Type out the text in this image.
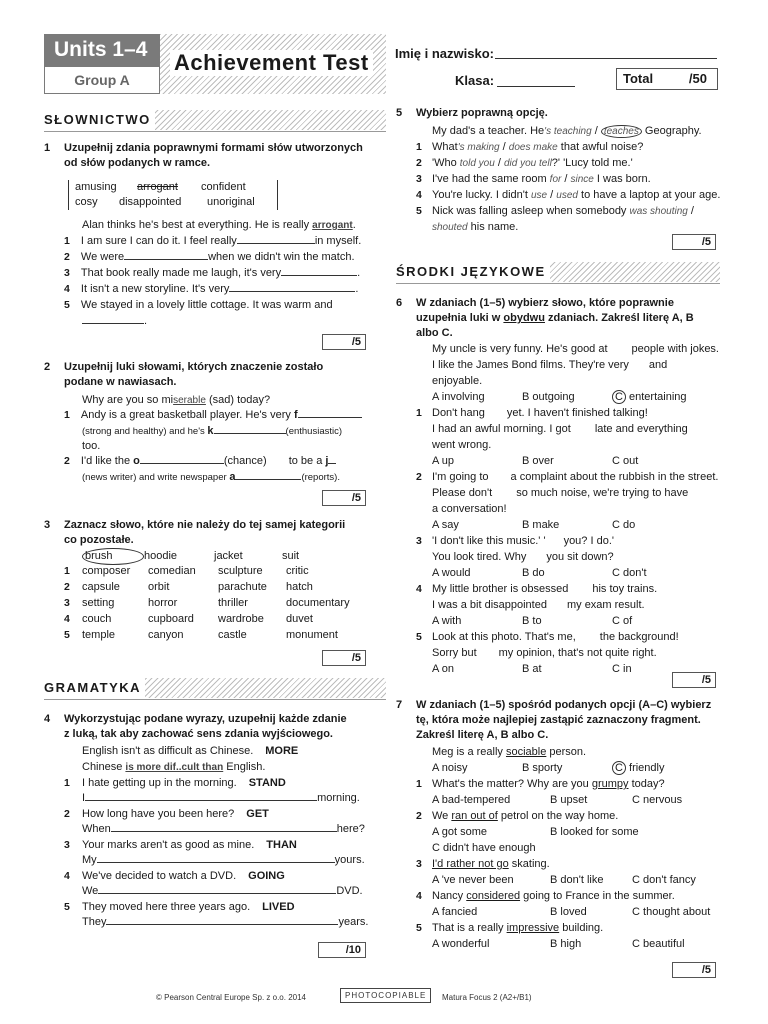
Units 1–4
Group A
Achievement Test	Imię i nazwisko:
Klasa:	Total	/50
SŁOWNICTWO
1 Uzupełnij zdania poprawnymi formami słów utworzonych
od słów podanych w ramce.
amusing arrogant confident
cosy disappointed unoriginal
Alan thinks he's best at everything. He is really arrogant.
1 I am sure I can do it. I feel really	in myself.
2 We were	when we didn't win the match.
3 That book really made me laugh, it's very	.
4 It isn't a new storyline. It's very	.
5 We stayed in a lovely little cottage. It was warm and
.
/5
2 Uzupełnij luki słowami, których znaczenie zostało
podane w nawiasach.
Why are you so miserable (sad) today?
1 Andy is a great basketball player. He's very f
(strong and healthy) and he's k	(enthusiastic)
too.
2 I'd like the o	(chance) to be a j
(news writer) and write newspaper a	(reports).
/5
3 Zaznacz słowo, które nie należy do tej samej kategorii
co pozostałe.
brush	hoodie	jacket	suit
1 composer comedian sculpture critic
2 capsule	orbit	parachute hatch
3 setting	horror	thriller	documentary
4 couch	cupboard wardrobe duvet
5 temple	canyon	castle	monument
/5
GRAMATYKA
4 Wykorzystując podane wyrazy, uzupełnij każde zdanie
z luką, tak aby zachować sens zdania wyjściowego.
English isn't as difficult as Chinese. MORE
Chinese is more dif..cult than English.
1 I hate getting up in the morning. STAND
I	morning.
2 How long have you been here? GET
When	here?
3 Your marks aren't as good as mine. THAN
My	yours.
4 We've decided to watch a DVD. GOING
We	DVD.
5 They moved here three years ago. LIVED
They	years.
/10
5 Wybierz poprawną opcję.
My dad's a teacher. He's teaching / teaches Geography.
1 What's making / does make that awful noise?
2 'Who told you / did you tell?' 'Lucy told me.'
3 I've had the same room for / since I was born.
4 You're lucky. I didn't use / used to have a laptop at your age.
5 Nick was falling asleep when somebody was shouting /
shouted his name.
/5
ŚRODKI JĘZYKOWE
6 W zdaniach (1–5) wybierz słowo, które poprawnie
uzupełnia luki w obydwu zdaniach. Zakreśl literę A, B
albo C.
My uncle is very funny. He's good at people with jokes.
I like the James Bond films. They're very and
enjoyable.
A involving	B outgoing	C entertaining
1 Don't hang yet. I haven't finished talking!
I had an awful morning. I got late and everything
went wrong.
A up	B over	C out
2 I'm going to a complaint about the rubbish in the street.
Please don't so much noise, we're trying to have
a conversation!
A say	B make	C do
3 'I don't like this music.' ' you? I do.'
You look tired. Why you sit down?
A would	B do	C don't
4 My little brother is obsessed his toy trains.
I was a bit disappointed my exam result.
A with	B to	C of
5 Look at this photo. That's me, the background!
Sorry but my opinion, that's not quite right.
A on	B at	C in
/5
7 W zdaniach (1–5) spośród podanych opcji (A–C) wybierz
tę, która może najlepiej zastąpić zaznaczony fragment.
Zakreśl literę A, B albo C.
Meg is a really sociable person.
A noisy	B sporty	C friendly
1 What's the matter? Why are you grumpy today?
A bad-tempered	B upset	C nervous
2 We ran out of petrol on the way home.
A got some	B looked for some
C didn't have enough
3 I'd rather not go skating.
A 've never been	B don't like	C don't fancy
4 Nancy considered going to France in the summer.
A fancied	B loved	C thought about
5 That is a really impressive building.
A wonderful	B high	C beautiful
/5
© Pearson Central Europe Sp. z o.o. 2014	PHOTOCOPIABLE	Matura Focus 2 (A2+/B1)
